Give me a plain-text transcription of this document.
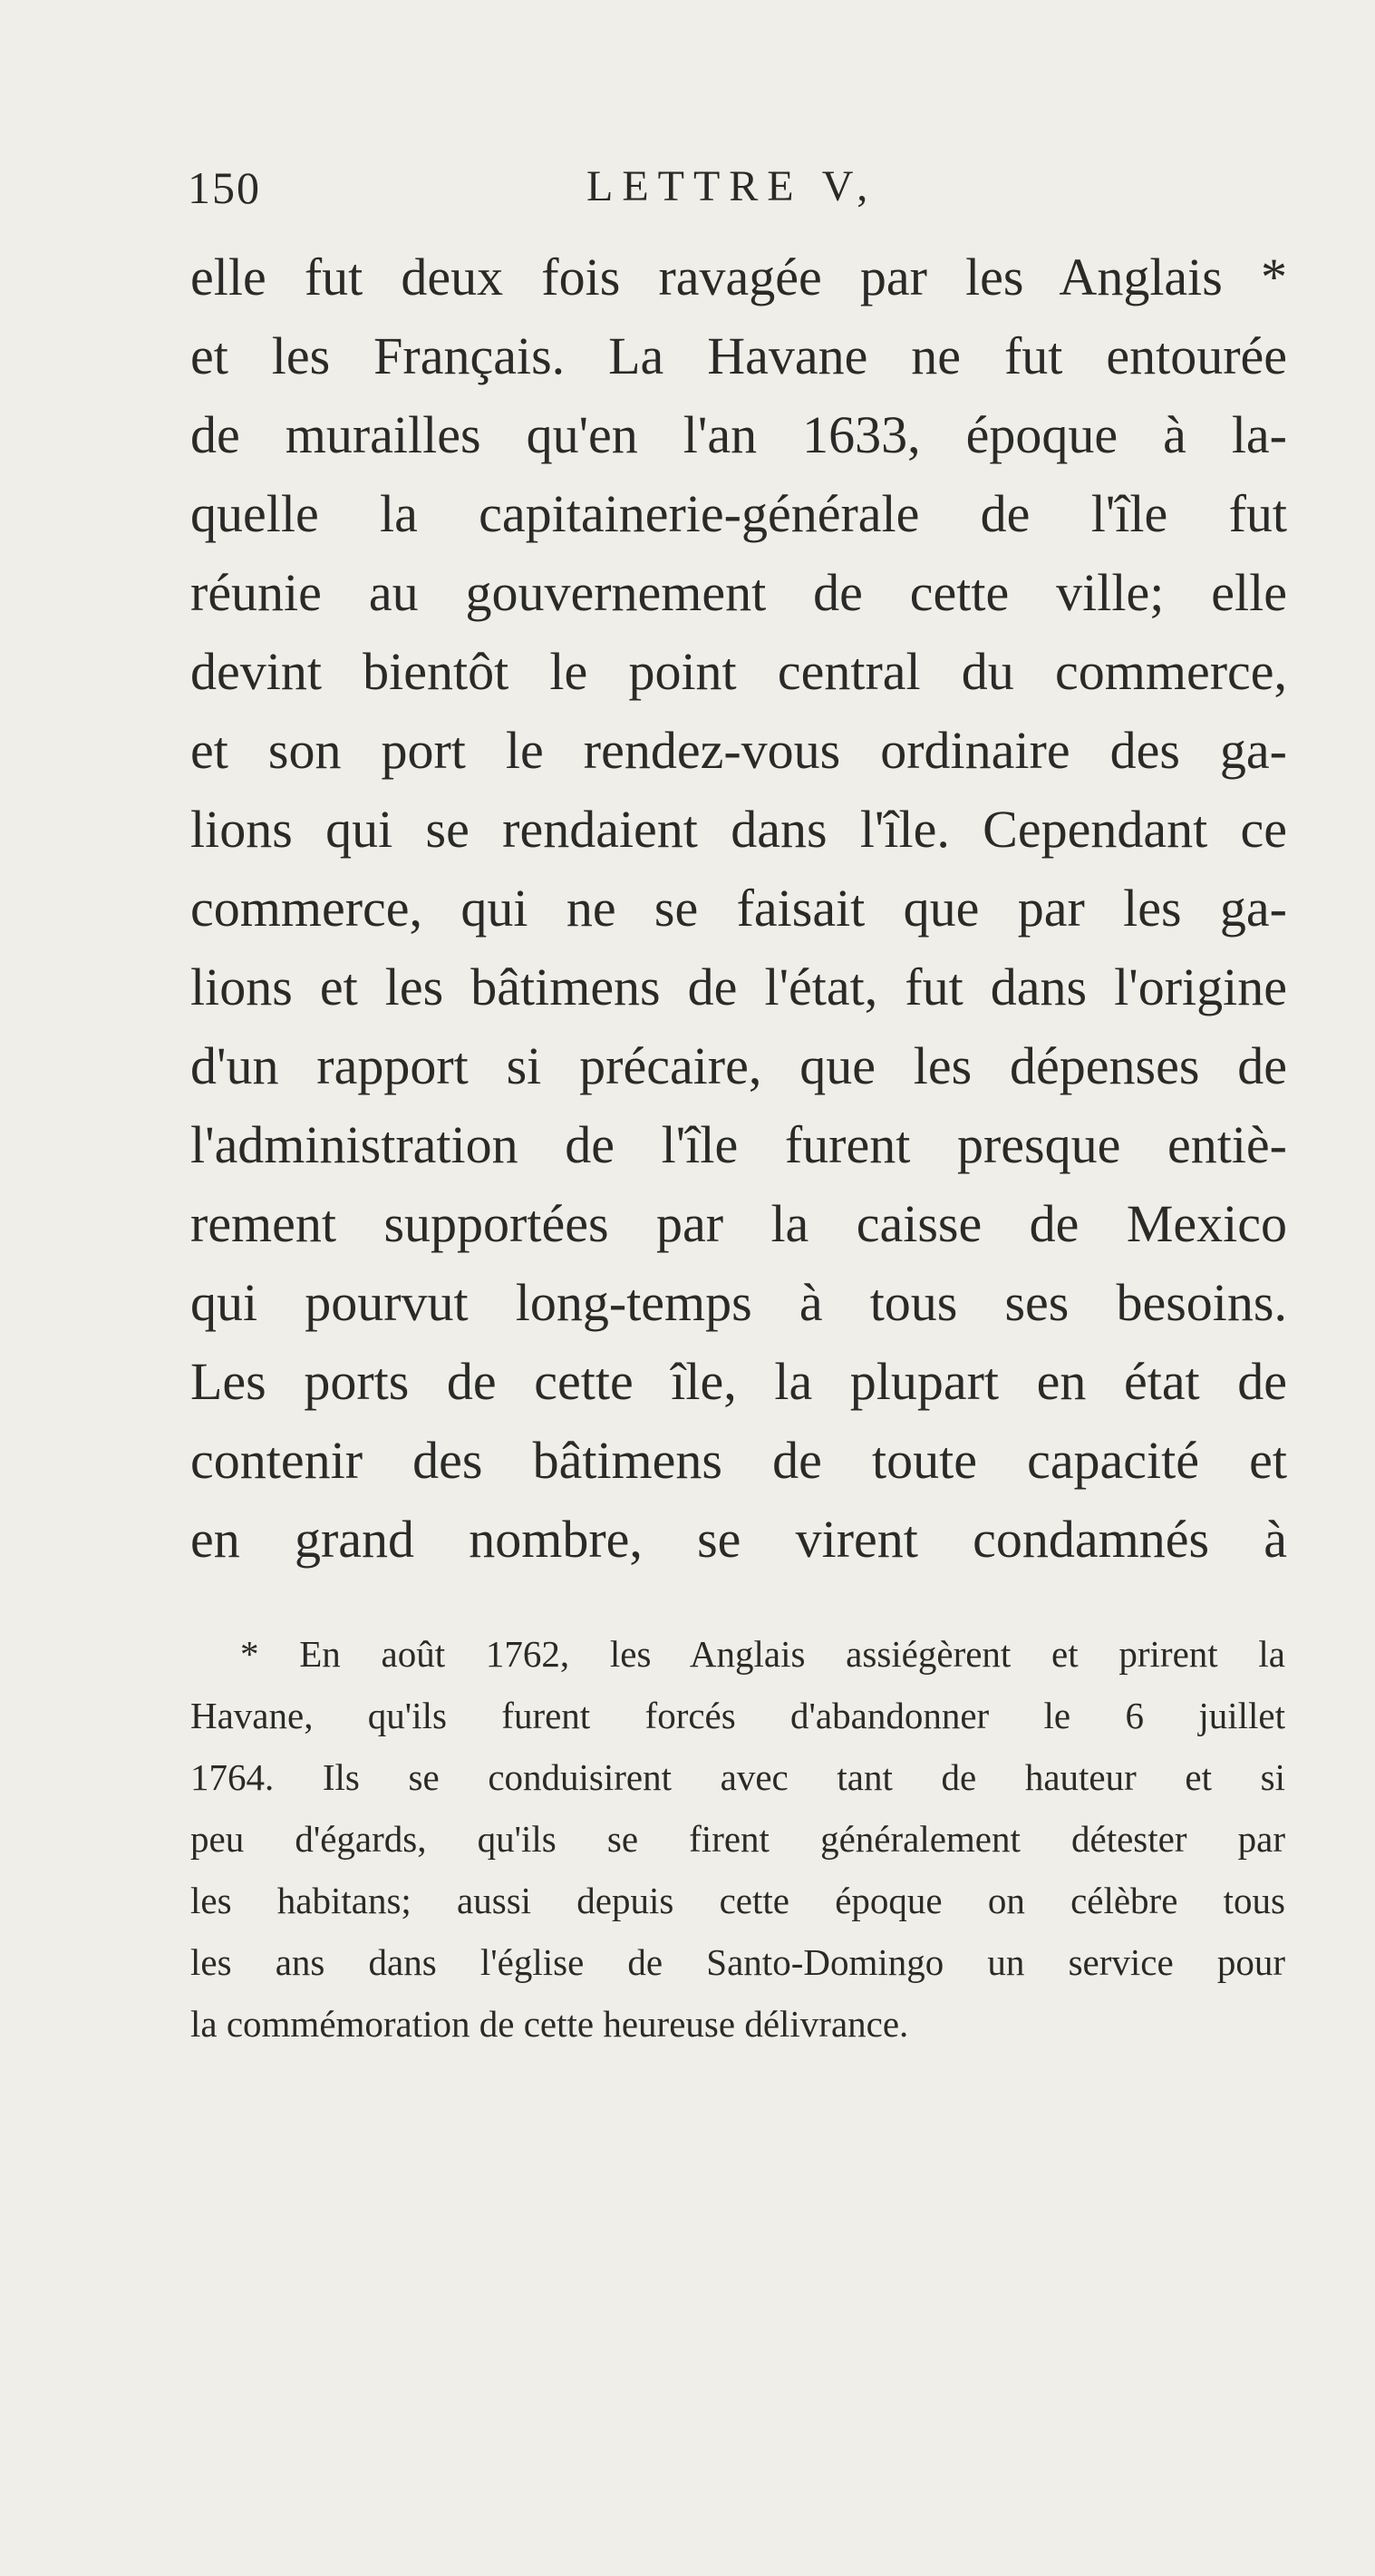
150	LETTRE V,
elle fut deux fois ravagée par les Anglais *
et les Français. La Havane ne fut entourée
de murailles qu'en l'an 1633, époque à la-
quelle la capitainerie-générale de l'île fut
réunie au gouvernement de cette ville; elle
devint bientôt le point central du commerce,
et son port le rendez-vous ordinaire des ga-
lions qui se rendaient dans l'île. Cependant ce
commerce, qui ne se faisait que par les ga-
lions et les bâtimens de l'état, fut dans l'origine
d'un rapport si précaire, que les dépenses de
l'administration de l'île furent presque entiè-
rement supportées par la caisse de Mexico
qui pourvut long-temps à tous ses besoins.
Les ports de cette île, la plupart en état de
contenir des bâtimens de toute capacité et
en grand nombre, se virent condamnés à
* En août 1762, les Anglais assiégèrent et prirent la
Havane, qu'ils furent forcés d'abandonner le 6 juillet
1764. Ils se conduisirent avec tant de hauteur et si
peu d'égards, qu'ils se firent généralement détester par
les habitans; aussi depuis cette époque on célèbre tous
les ans dans l'église de Santo-Domingo un service pour
la commémoration de cette heureuse délivrance.
